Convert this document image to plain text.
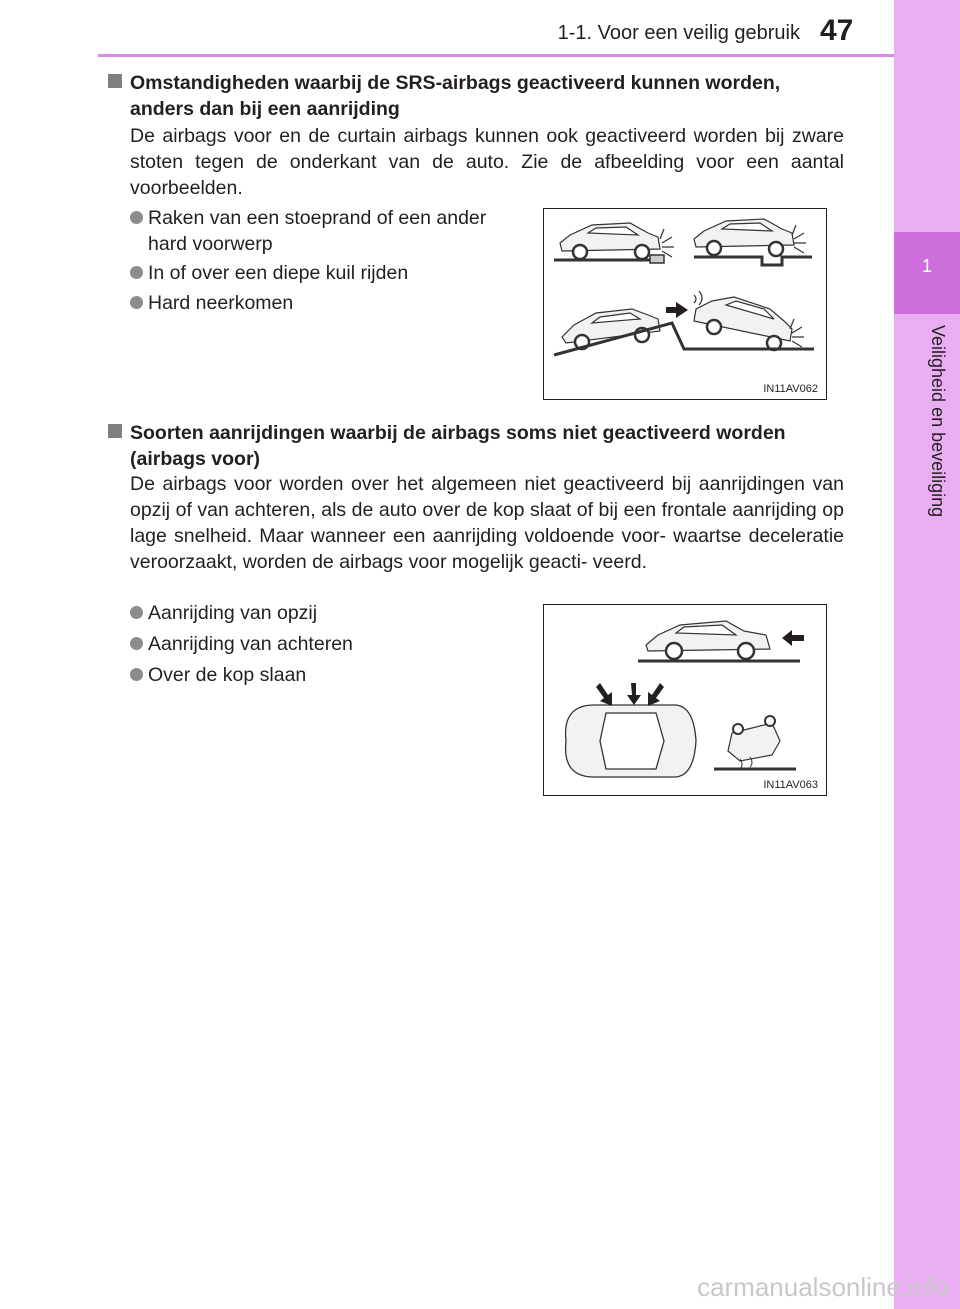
1-1. Voor een veilig gebruik 47
1
Veiligheid en beveiliging
Omstandigheden waarbij de SRS-airbags geactiveerd kunnen worden,
anders dan bij een aanrijding
De airbags voor en de curtain airbags kunnen ook geactiveerd worden bij zware stoten tegen de onderkant van de auto. Zie de afbeelding voor een aantal voorbeelden.
Raken van een stoeprand of een ander
hard voorwerp
In of over een diepe kuil rijden
Hard neerkomen
IN11AV062
Soorten aanrijdingen waarbij de airbags soms niet geactiveerd worden
(airbags voor)
De airbags voor worden over het algemeen niet geactiveerd bij aanrijdingen van opzij of van achteren, als de auto over de kop slaat of bij een frontale aanrijding op lage snelheid. Maar wanneer een aanrijding voldoende voor- waartse deceleratie veroorzaakt, worden de airbags voor mogelijk geacti- veerd.
Aanrijding van opzij
Aanrijding van achteren
Over de kop slaan
IN11AV063
carmanualsonline.info
